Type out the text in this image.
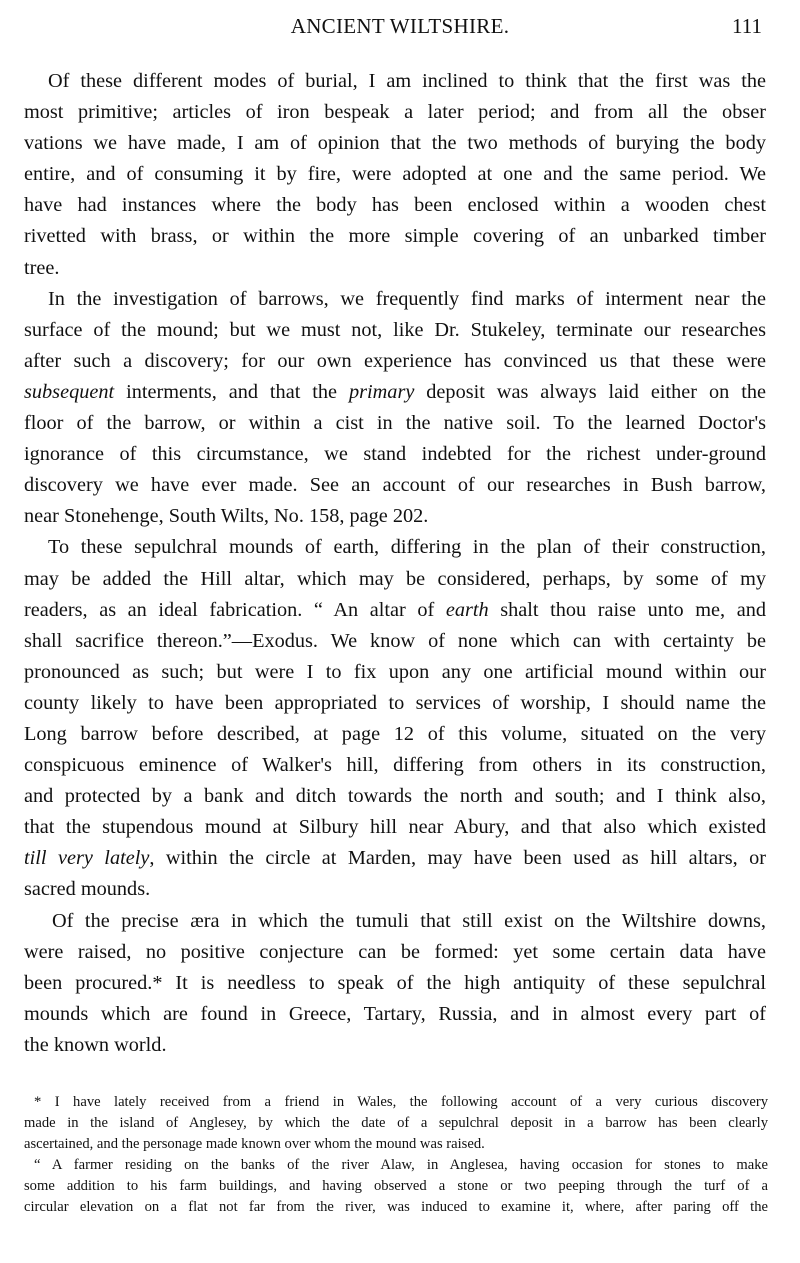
ANCIENT WILTSHIRE.	111
Of these different modes of burial, I am inclined to think that the first was the
most primitive; articles of iron bespeak a later period; and from all the obser
vations we have made, I am of opinion that the two methods of burying the body
entire, and of consuming it by fire, were adopted at one and the same period. We
have had instances where the body has been enclosed within a wooden chest
rivetted with brass, or within the more simple covering of an unbarked timber
tree.
In the investigation of barrows, we frequently find marks of interment near the
surface of the mound; but we must not, like Dr. Stukeley, terminate our researches
after such a discovery; for our own experience has convinced us that these were
subsequent interments, and that the primary deposit was always laid either on the
floor of the barrow, or within a cist in the native soil. To the learned Doctor's
ignorance of this circumstance, we stand indebted for the richest under-ground
discovery we have ever made. See an account of our researches in Bush barrow,
near Stonehenge, South Wilts, No. 158, page 202.
To these sepulchral mounds of earth, differing in the plan of their construction,
may be added the Hill altar, which may be considered, perhaps, by some of my
readers, as an ideal fabrication. “ An altar of earth shalt thou raise unto me, and
shall sacrifice thereon.”—Exodus. We know of none which can with certainty be
pronounced as such; but were I to fix upon any one artificial mound within our
county likely to have been appropriated to services of worship, I should name the
Long barrow before described, at page 12 of this volume, situated on the very
conspicuous eminence of Walker's hill, differing from others in its construction,
and protected by a bank and ditch towards the north and south; and I think also,
that the stupendous mound at Silbury hill near Abury, and that also which existed
till very lately, within the circle at Marden, may have been used as hill altars, or
sacred mounds.
Of the precise æra in which the tumuli that still exist on the Wiltshire downs,
were raised, no positive conjecture can be formed: yet some certain data have
been procured.* It is needless to speak of the high antiquity of these sepulchral
mounds which are found in Greece, Tartary, Russia, and in almost every part of
the known world.
* I have lately received from a friend in Wales, the following account of a very curious discovery
made in the island of Anglesey, by which the date of a sepulchral deposit in a barrow has been clearly
ascertained, and the personage made known over whom the mound was raised.
“ A farmer residing on the banks of the river Alaw, in Anglesea, having occasion for stones to make
some addition to his farm buildings, and having observed a stone or two peeping through the turf of a
circular elevation on a flat not far from the river, was induced to examine it, where, after paring off the
